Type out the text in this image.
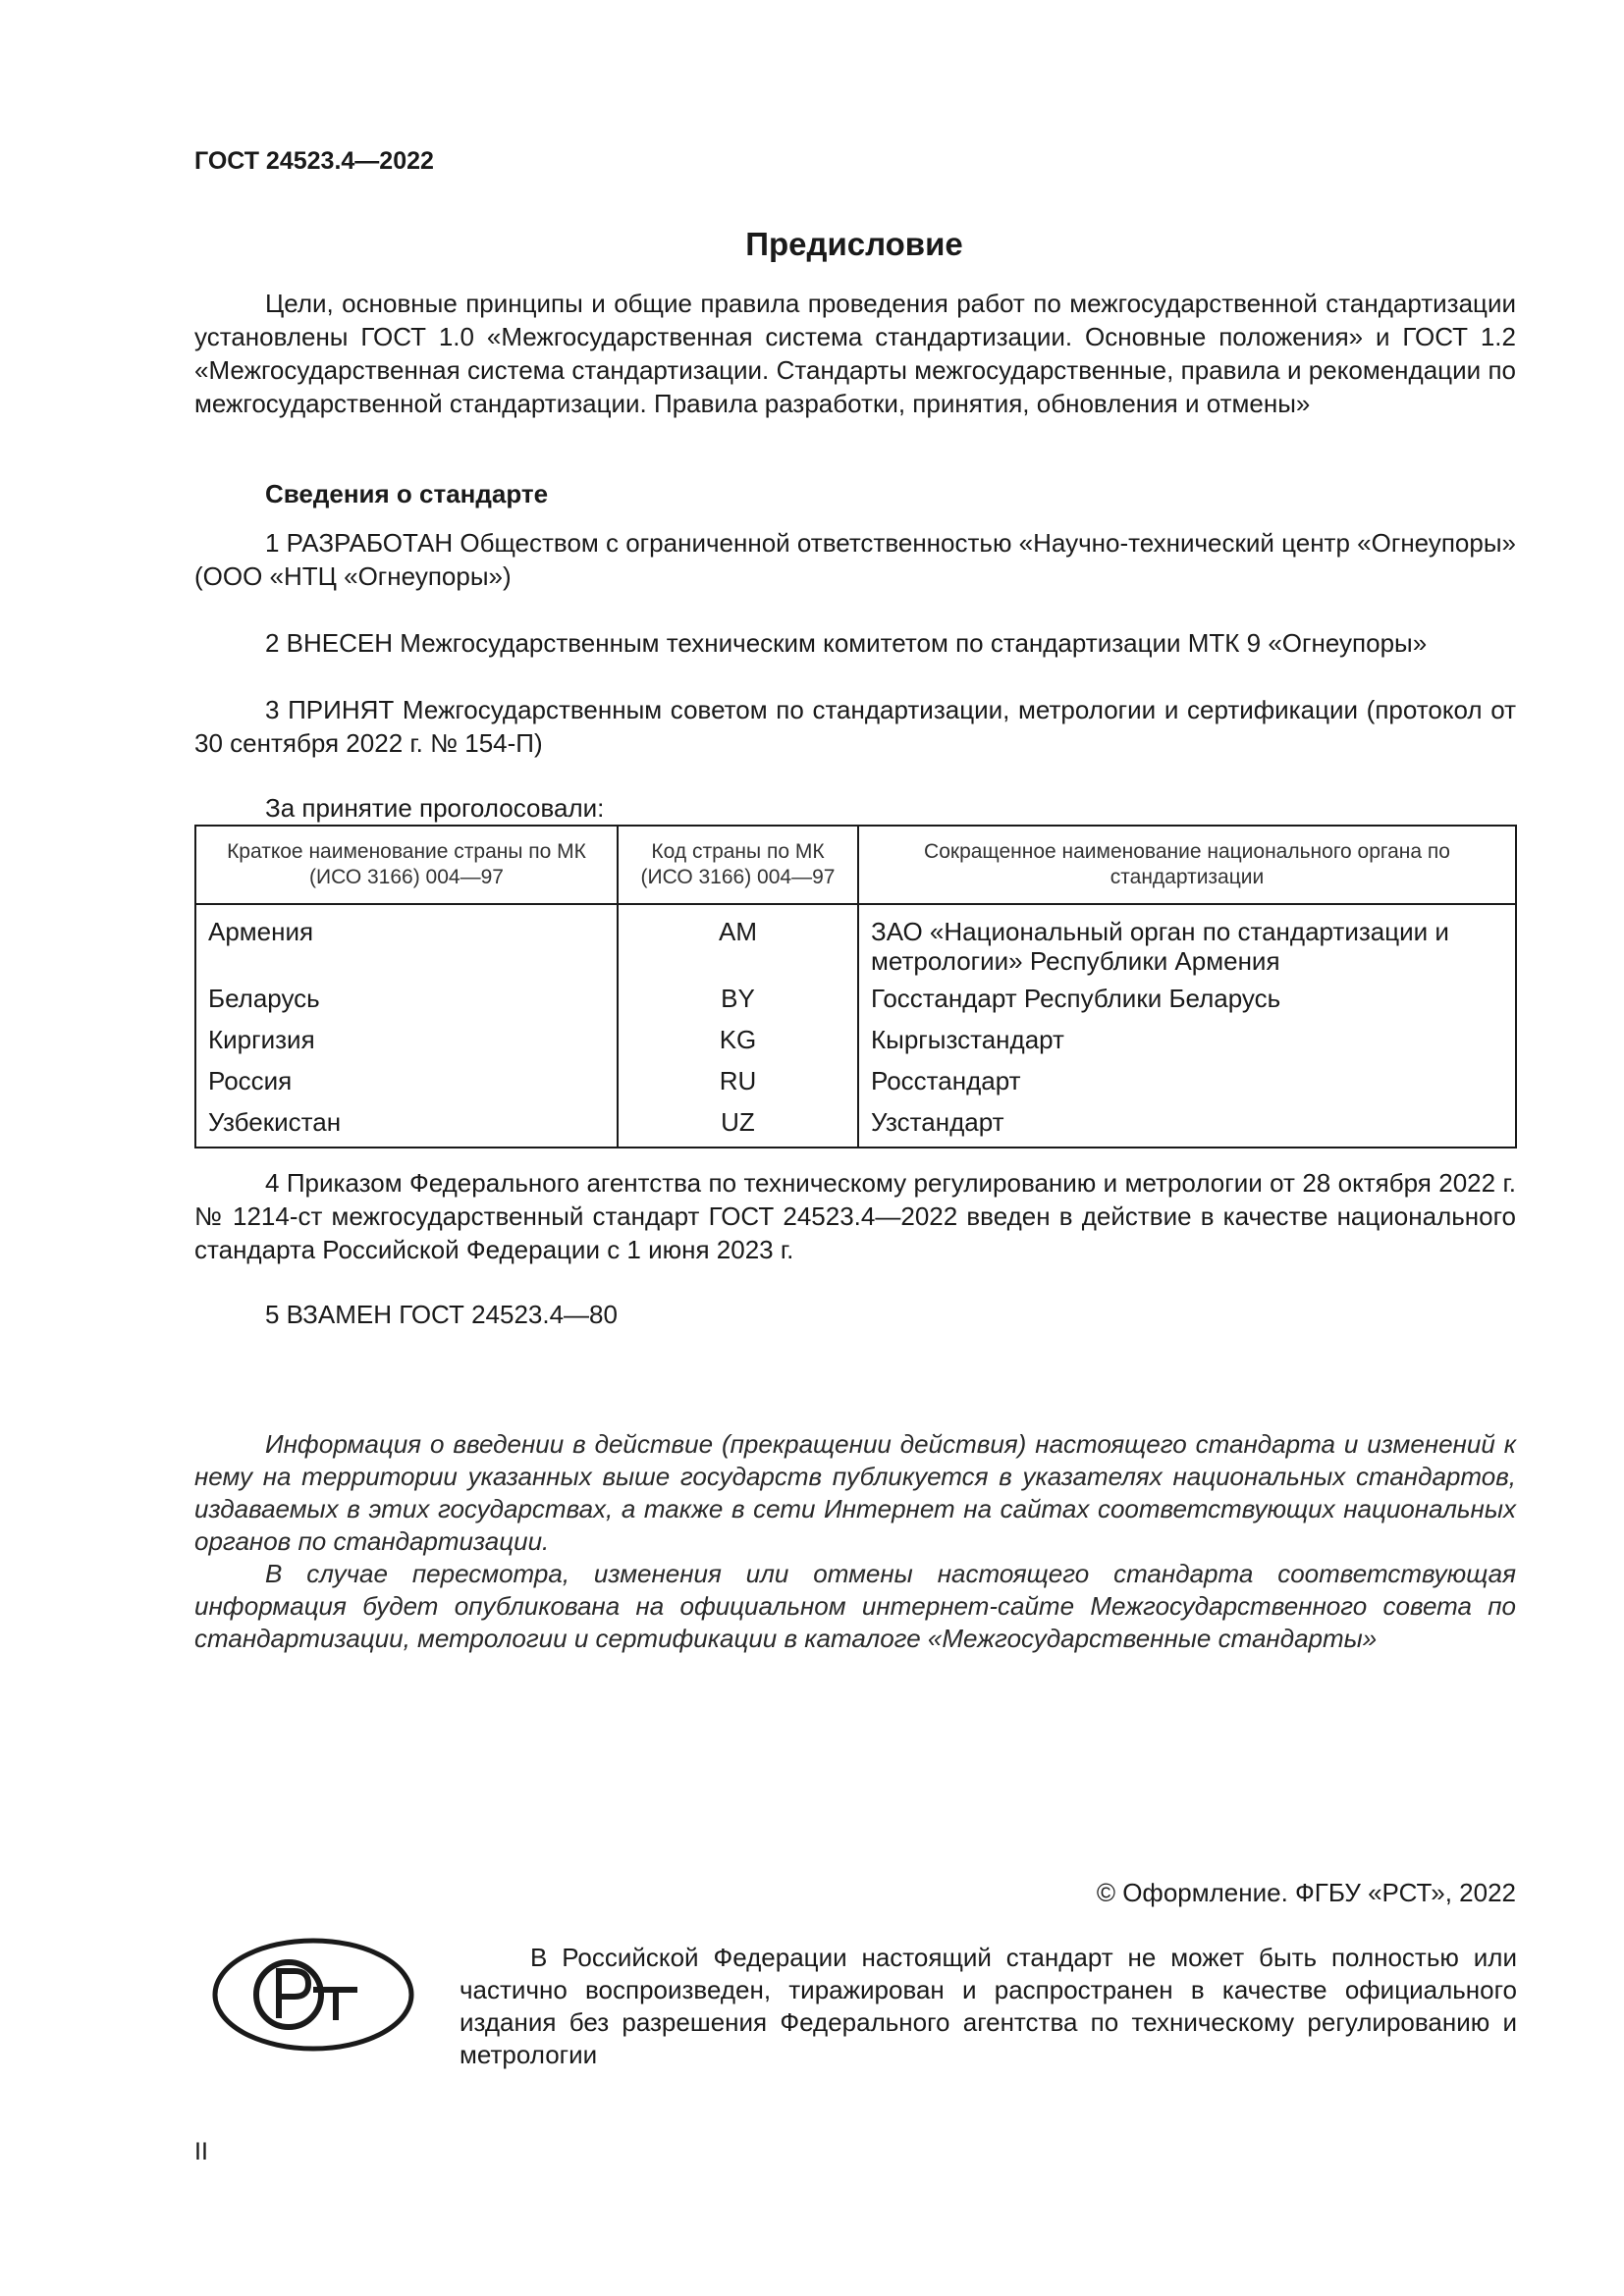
ГОСТ 24523.4—2022
Предисловие
Цели, основные принципы и общие правила проведения работ по межгосударственной стандартизации установлены ГОСТ 1.0 «Межгосударственная система стандартизации. Основные положения» и ГОСТ 1.2 «Межгосударственная система стандартизации. Стандарты межгосударственные, правила и рекомендации по межгосударственной стандартизации. Правила разработки, принятия, обновления и отмены»
Сведения о стандарте
1 РАЗРАБОТАН Обществом с ограниченной ответственностью «Научно-технический центр «Огнеупоры» (ООО «НТЦ «Огнеупоры»)
2 ВНЕСЕН Межгосударственным техническим комитетом по стандартизации МТК 9 «Огнеупоры»
3 ПРИНЯТ Межгосударственным советом по стандартизации, метрологии и сертификации (протокол от 30 сентября 2022 г. № 154-П)
За принятие проголосовали:
Краткое наименование страны по МК (ИСО 3166) 004—97	Код страны по МК (ИСО 3166) 004—97	Сокращенное наименование национального органа по стандартизации
Армения	AM	ЗАО «Национальный орган по стандартизации и метрологии» Республики Армения
Беларусь	BY	Госстандарт Республики Беларусь
Киргизия	KG	Кыргызстандарт
Россия	RU	Росстандарт
Узбекистан	UZ	Узстандарт
4 Приказом Федерального агентства по техническому регулированию и метрологии от 28 октября 2022 г. № 1214-ст межгосударственный стандарт ГОСТ 24523.4—2022 введен в действие в качестве национального стандарта Российской Федерации с 1 июня 2023 г.
5 ВЗАМЕН ГОСТ 24523.4—80
Информация о введении в действие (прекращении действия) настоящего стандарта и изменений к нему на территории указанных выше государств публикуется в указателях национальных стандартов, издаваемых в этих государствах, а также в сети Интернет на сайтах соответствующих национальных органов по стандартизации.
В случае пересмотра, изменения или отмены настоящего стандарта соответствующая информация будет опубликована на официальном интернет-сайте Межгосударственного совета по стандартизации, метрологии и сертификации в каталоге «Межгосударственные стандарты»
© Оформление. ФГБУ «РСТ», 2022
В Российской Федерации настоящий стандарт не может быть полностью или частично воспроизведен, тиражирован и распространен в качестве официального издания без разрешения Федерального агентства по техническому регулированию и метрологии
II
